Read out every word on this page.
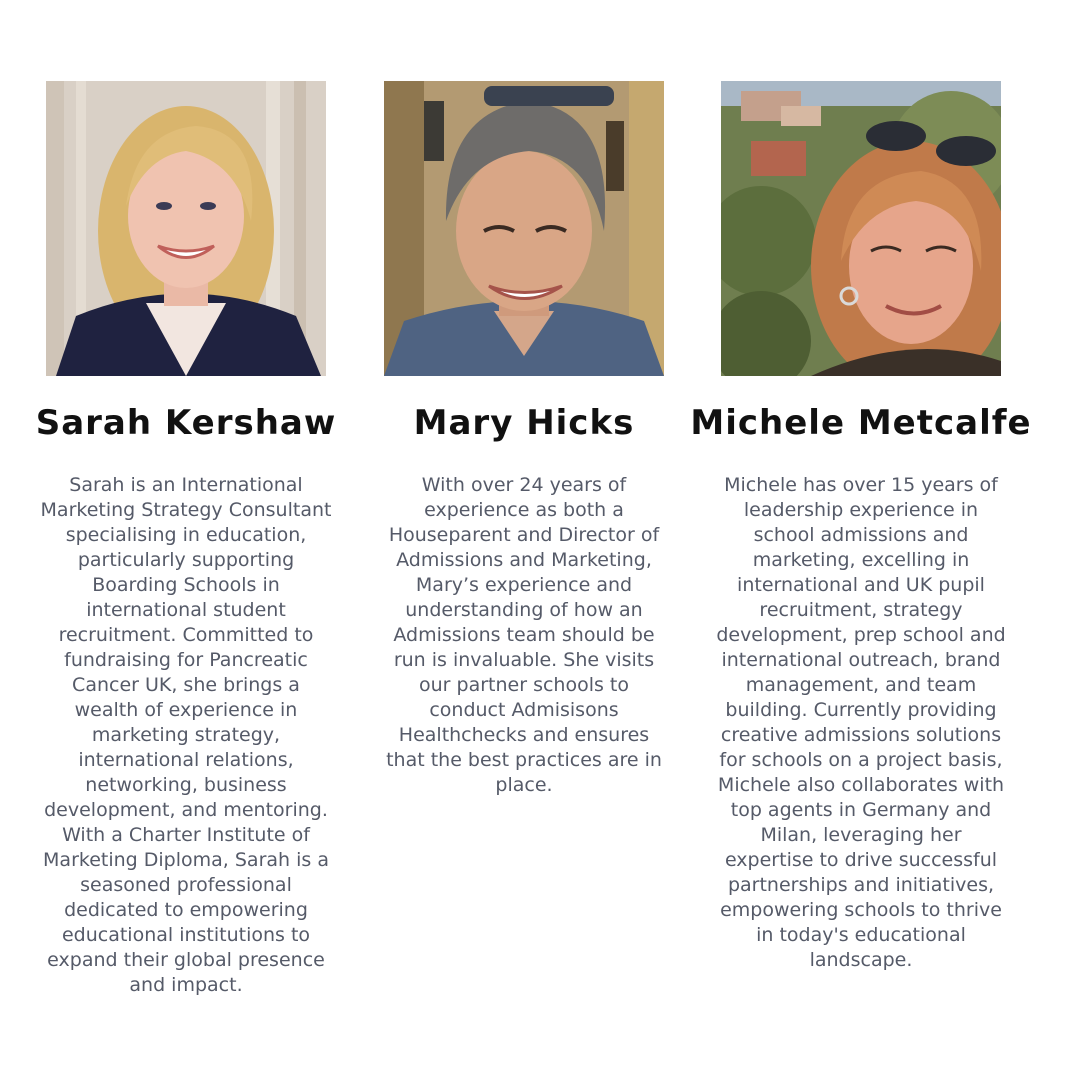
Sarah Kershaw
Sarah is an International Marketing Strategy Consultant specialising in education, particularly supporting Boarding Schools in international student recruitment. Committed to fundraising for Pancreatic Cancer UK, she brings a wealth of experience in marketing strategy, international relations, networking, business development, and mentoring. With a Charter Institute of Marketing Diploma, Sarah is a seasoned professional dedicated to empowering educational institutions to expand their global presence and impact.
Mary Hicks
With over 24 years of experience as both a Houseparent and Director of Admissions and Marketing, Mary’s experience and understanding of how an Admissions team should be run is invaluable. She visits our partner schools to conduct Admisisons Healthchecks and ensures that the best practices are in place.
Michele Metcalfe
Michele has over 15 years of leadership experience in school admissions and marketing, excelling in international and UK pupil recruitment, strategy development, prep school and international outreach, brand management, and team building. Currently providing creative admissions solutions for schools on a project basis, Michele also collaborates with top agents in Germany and Milan, leveraging her expertise to drive successful partnerships and initiatives, empowering schools to thrive in today's educational landscape.
